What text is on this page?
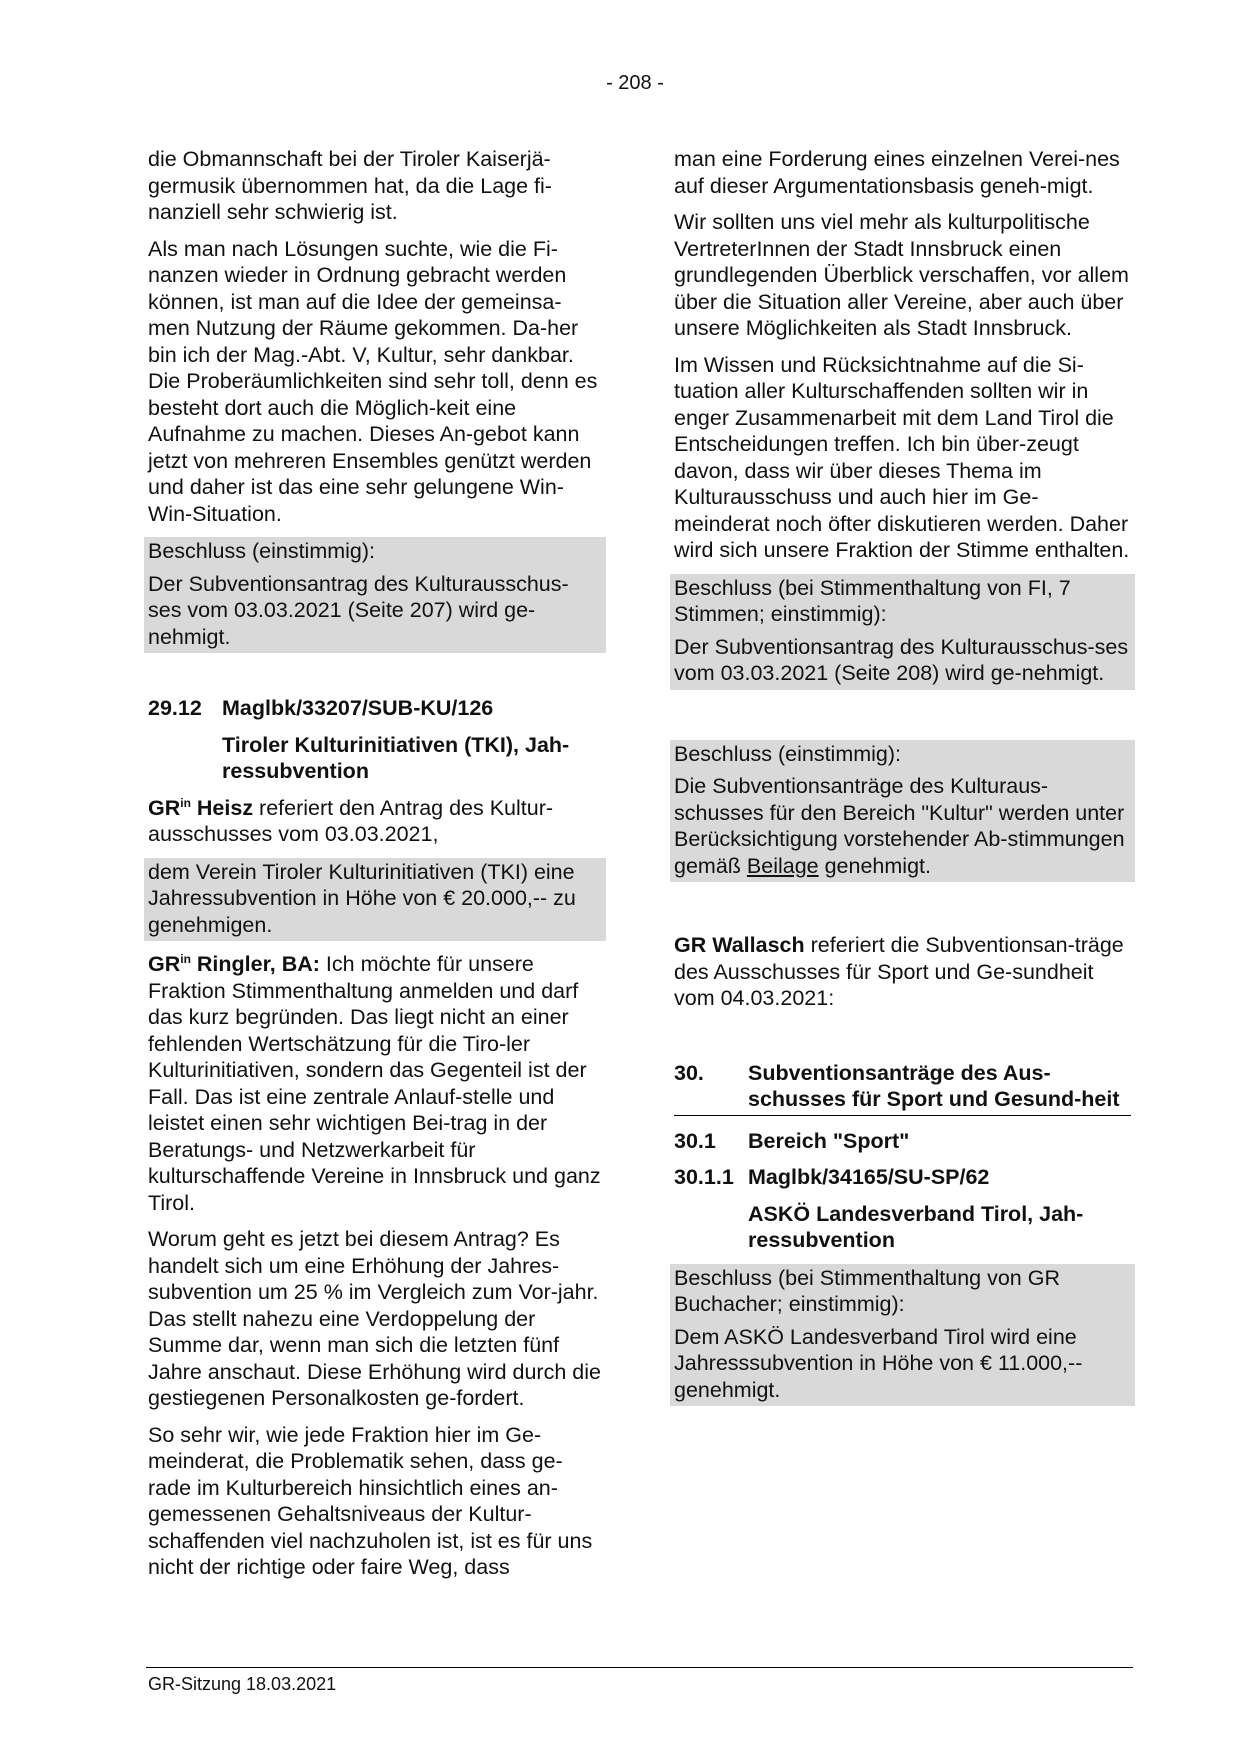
- 208 -

die Obmannschaft bei der Tiroler Kaiserjä-germusik übernommen hat, da die Lage fi-nanziell sehr schwierig ist.

Als man nach Lösungen suchte, wie die Fi-nanzen wieder in Ordnung gebracht werden können, ist man auf die Idee der gemeinsa-men Nutzung der Räume gekommen. Da-her bin ich der Mag.-Abt. V, Kultur, sehr dankbar. Die Proberäumlichkeiten sind sehr toll, denn es besteht dort auch die Möglich-keit eine Aufnahme zu machen. Dieses An-gebot kann jetzt von mehreren Ensembles genützt werden und daher ist das eine sehr gelungene Win-Win-Situation.

Beschluss (einstimmig):

Der Subventionsantrag des Kulturausschus-ses vom 03.03.2021 (Seite 207) wird ge-nehmigt.

29.12 Maglbk/33207/SUB-KU/126

Tiroler Kulturinitiativen (TKI), Jah-ressubvention

$GR^{in}$ Heisz referiert den Antrag des Kultur-ausschusses vom 03.03.2021,

dem Verein Tiroler Kulturinitiativen (TKI) eine Jahressubvention in Höhe von € 20.000,-- zu genehmigen.

$GR^{in}$ Ringler, BA: Ich möchte für unsere Fraktion Stimmenthaltung anmelden und darf das kurz begründen. Das liegt nicht an einer fehlenden Wertschätzung für die Tiro-ler Kulturinitiativen, sondern das Gegenteil ist der Fall. Das ist eine zentrale Anlauf-stelle und leistet einen sehr wichtigen Bei-trag in der Beratungs- und Netzwerkarbeit für kulturschaffende Vereine in Innsbruck und ganz Tirol.

Worum geht es jetzt bei diesem Antrag? Es handelt sich um eine Erhöhung der Jahres-subvention um 25 % im Vergleich zum Vor-jahr. Das stellt nahezu eine Verdoppelung der Summe dar, wenn man sich die letzten fünf Jahre anschaut. Diese Erhöhung wird durch die gestiegenen Personalkosten ge-fordert.

So sehr wir, wie jede Fraktion hier im Ge-meinderat, die Problematik sehen, dass ge-rade im Kulturbereich hinsichtlich eines an-gemessenen Gehaltsniveaus der Kultur-schaffenden viel nachzuholen ist, ist es für uns nicht der richtige oder faire Weg, dass

man eine Forderung eines einzelnen Verei-nes auf dieser Argumentationsbasis geneh-migt.

Wir sollten uns viel mehr als kulturpolitische VertreterInnen der Stadt Innsbruck einen grundlegenden Überblick verschaffen, vor allem über die Situation aller Vereine, aber auch über unsere Möglichkeiten als Stadt Innsbruck.

Im Wissen und Rücksichtnahme auf die Si-tuation aller Kulturschaffenden sollten wir in enger Zusammenarbeit mit dem Land Tirol die Entscheidungen treffen. Ich bin über-zeugt davon, dass wir über dieses Thema im Kulturausschuss und auch hier im Ge-meinderat noch öfter diskutieren werden. Daher wird sich unsere Fraktion der Stimme enthalten.

Beschluss (bei Stimmenthaltung von FI, 7 Stimmen; einstimmig):

Der Subventionsantrag des Kulturausschus-ses vom 03.03.2021 (Seite 208) wird ge-nehmigt.

Beschluss (einstimmig):

Die Subventionsanträge des Kulturaus-schusses für den Bereich "Kultur" werden unter Berücksichtigung vorstehender Ab-stimmungen gemäß Beilage genehmigt.

GR Wallasch referiert die Subventionsan-träge des Ausschusses für Sport und Ge-sundheit vom 04.03.2021:

30.	Subventionsanträge des Aus-schusses für Sport und Gesund-heit

30.1 Bereich "Sport"

30.1.1 Maglbk/34165/SU-SP/62

ASKÖ Landesverband Tirol, Jah-ressubvention

Beschluss (bei Stimmenthaltung von GR Buchacher; einstimmig):

Dem ASKÖ Landesverband Tirol wird eine Jahresssubvention in Höhe von € 11.000,-- genehmigt.

GR-Sitzung 18.03.2021
